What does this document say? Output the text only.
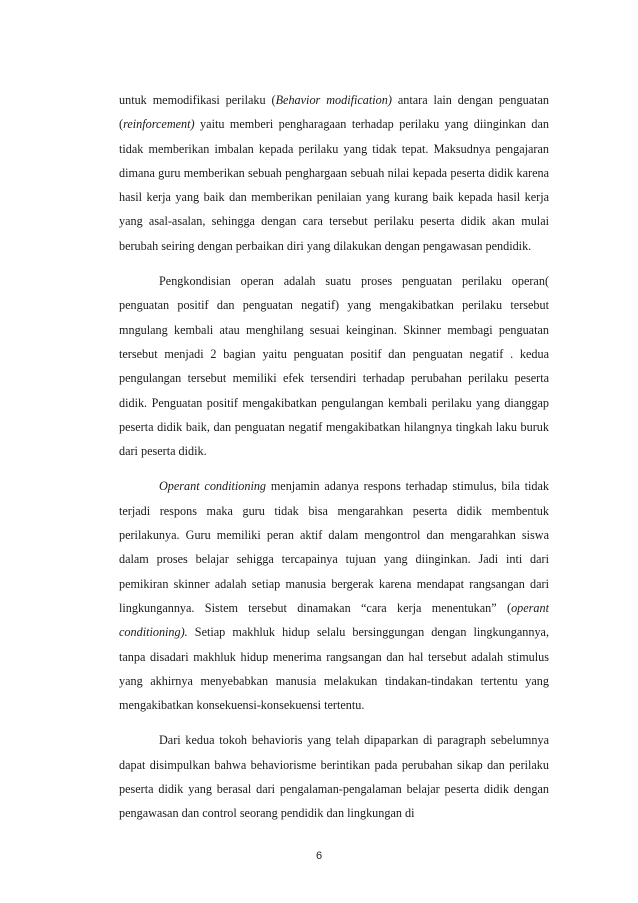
untuk memodifikasi perilaku (Behavior modification) antara lain dengan penguatan (reinforcement) yaitu memberi pengharagaan terhadap perilaku yang diinginkan dan tidak memberikan imbalan kepada perilaku yang tidak tepat. Maksudnya pengajaran dimana guru memberikan sebuah penghargaan sebuah nilai kepada peserta didik karena hasil kerja yang baik dan memberikan penilaian yang kurang baik kepada hasil kerja yang asal-asalan, sehingga dengan cara tersebut perilaku peserta didik akan mulai berubah seiring dengan perbaikan diri yang dilakukan dengan pengawasan pendidik.

Pengkondisian operan adalah suatu proses penguatan perilaku operan( penguatan positif dan penguatan negatif) yang mengakibatkan perilaku tersebut mngulang kembali atau menghilang sesuai keinginan. Skinner membagi penguatan tersebut menjadi 2 bagian yaitu penguatan positif dan penguatan negatif . kedua pengulangan tersebut memiliki efek tersendiri terhadap perubahan perilaku peserta didik. Penguatan positif mengakibatkan pengulangan kembali perilaku yang dianggap peserta didik baik, dan penguatan negatif mengakibatkan hilangnya tingkah laku buruk dari peserta didik.

Operant conditioning menjamin adanya respons terhadap stimulus, bila tidak terjadi respons maka guru tidak bisa mengarahkan peserta didik membentuk perilakunya. Guru memiliki peran aktif dalam mengontrol dan mengarahkan siswa dalam proses belajar sehigga tercapainya tujuan yang diinginkan. Jadi inti dari pemikiran skinner adalah setiap manusia bergerak karena mendapat rangsangan dari lingkungannya. Sistem tersebut dinamakan “cara kerja menentukan” (operant conditioning). Setiap makhluk hidup selalu bersinggungan dengan lingkungannya, tanpa disadari makhluk hidup menerima rangsangan dan hal tersebut adalah stimulus yang akhirnya menyebabkan manusia melakukan tindakan-tindakan tertentu yang mengakibatkan konsekuensi-konsekuensi tertentu.

Dari kedua tokoh behavioris yang telah dipaparkan di paragraph sebelumnya dapat disimpulkan bahwa behaviorisme berintikan pada perubahan sikap dan perilaku peserta didik yang berasal dari pengalaman-pengalaman belajar peserta didik dengan pengawasan dan control seorang pendidik dan lingkungan di

6
